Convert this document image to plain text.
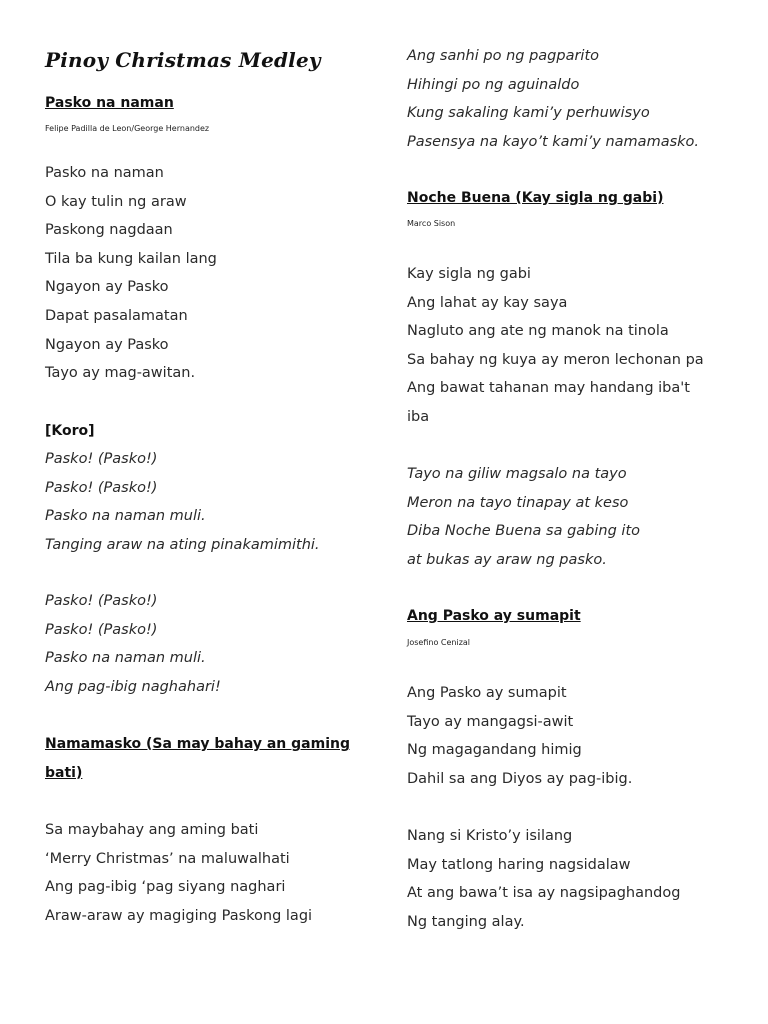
Pinoy Christmas Medley
Pasko na naman
Felipe Padilla de Leon/George Hernandez
Pasko na naman
O kay tulin ng araw
Paskong nagdaan
Tila ba kung kailan lang
Ngayon ay Pasko
Dapat pasalamatan
Ngayon ay Pasko
Tayo ay mag-awitan.
[Koro]
Pasko! (Pasko!)
Pasko! (Pasko!)
Pasko na naman muli.
Tanging araw na ating pinakamimithi.
Pasko! (Pasko!)
Pasko! (Pasko!)
Pasko na naman muli.
Ang pag-ibig naghahari!
Namamasko (Sa may bahay an gaming bati)
Sa maybahay ang aming bati
‘Merry Christmas’ na maluwalhati
Ang pag-ibig ‘pag siyang naghari
Araw-araw ay magiging Paskong lagi
Ang sanhi po ng pagparito
Hihingi po ng aguinaldo
Kung sakaling kami’y perhuwisyo
Pasensya na kayo’t kami’y namamasko.
Noche Buena (Kay sigla ng gabi)
Marco Sison
Kay sigla ng gabi
Ang lahat ay kay saya
Nagluto ang ate ng manok na tinola
Sa bahay ng kuya ay meron lechonan pa
Ang bawat tahanan may handang iba't
iba
Tayo na giliw magsalo na tayo
Meron na tayo tinapay at keso
Diba Noche Buena sa gabing ito
at bukas ay araw ng pasko.
Ang Pasko ay sumapit
Josefino Cenizal
Ang Pasko ay sumapit
Tayo ay mangagsi-awit
Ng magagandang himig
Dahil sa ang Diyos ay pag-ibig.
Nang si Kristo’y isilang
May tatlong haring nagsidalaw
At ang bawa’t isa ay nagsipaghandog
Ng tanging alay.
